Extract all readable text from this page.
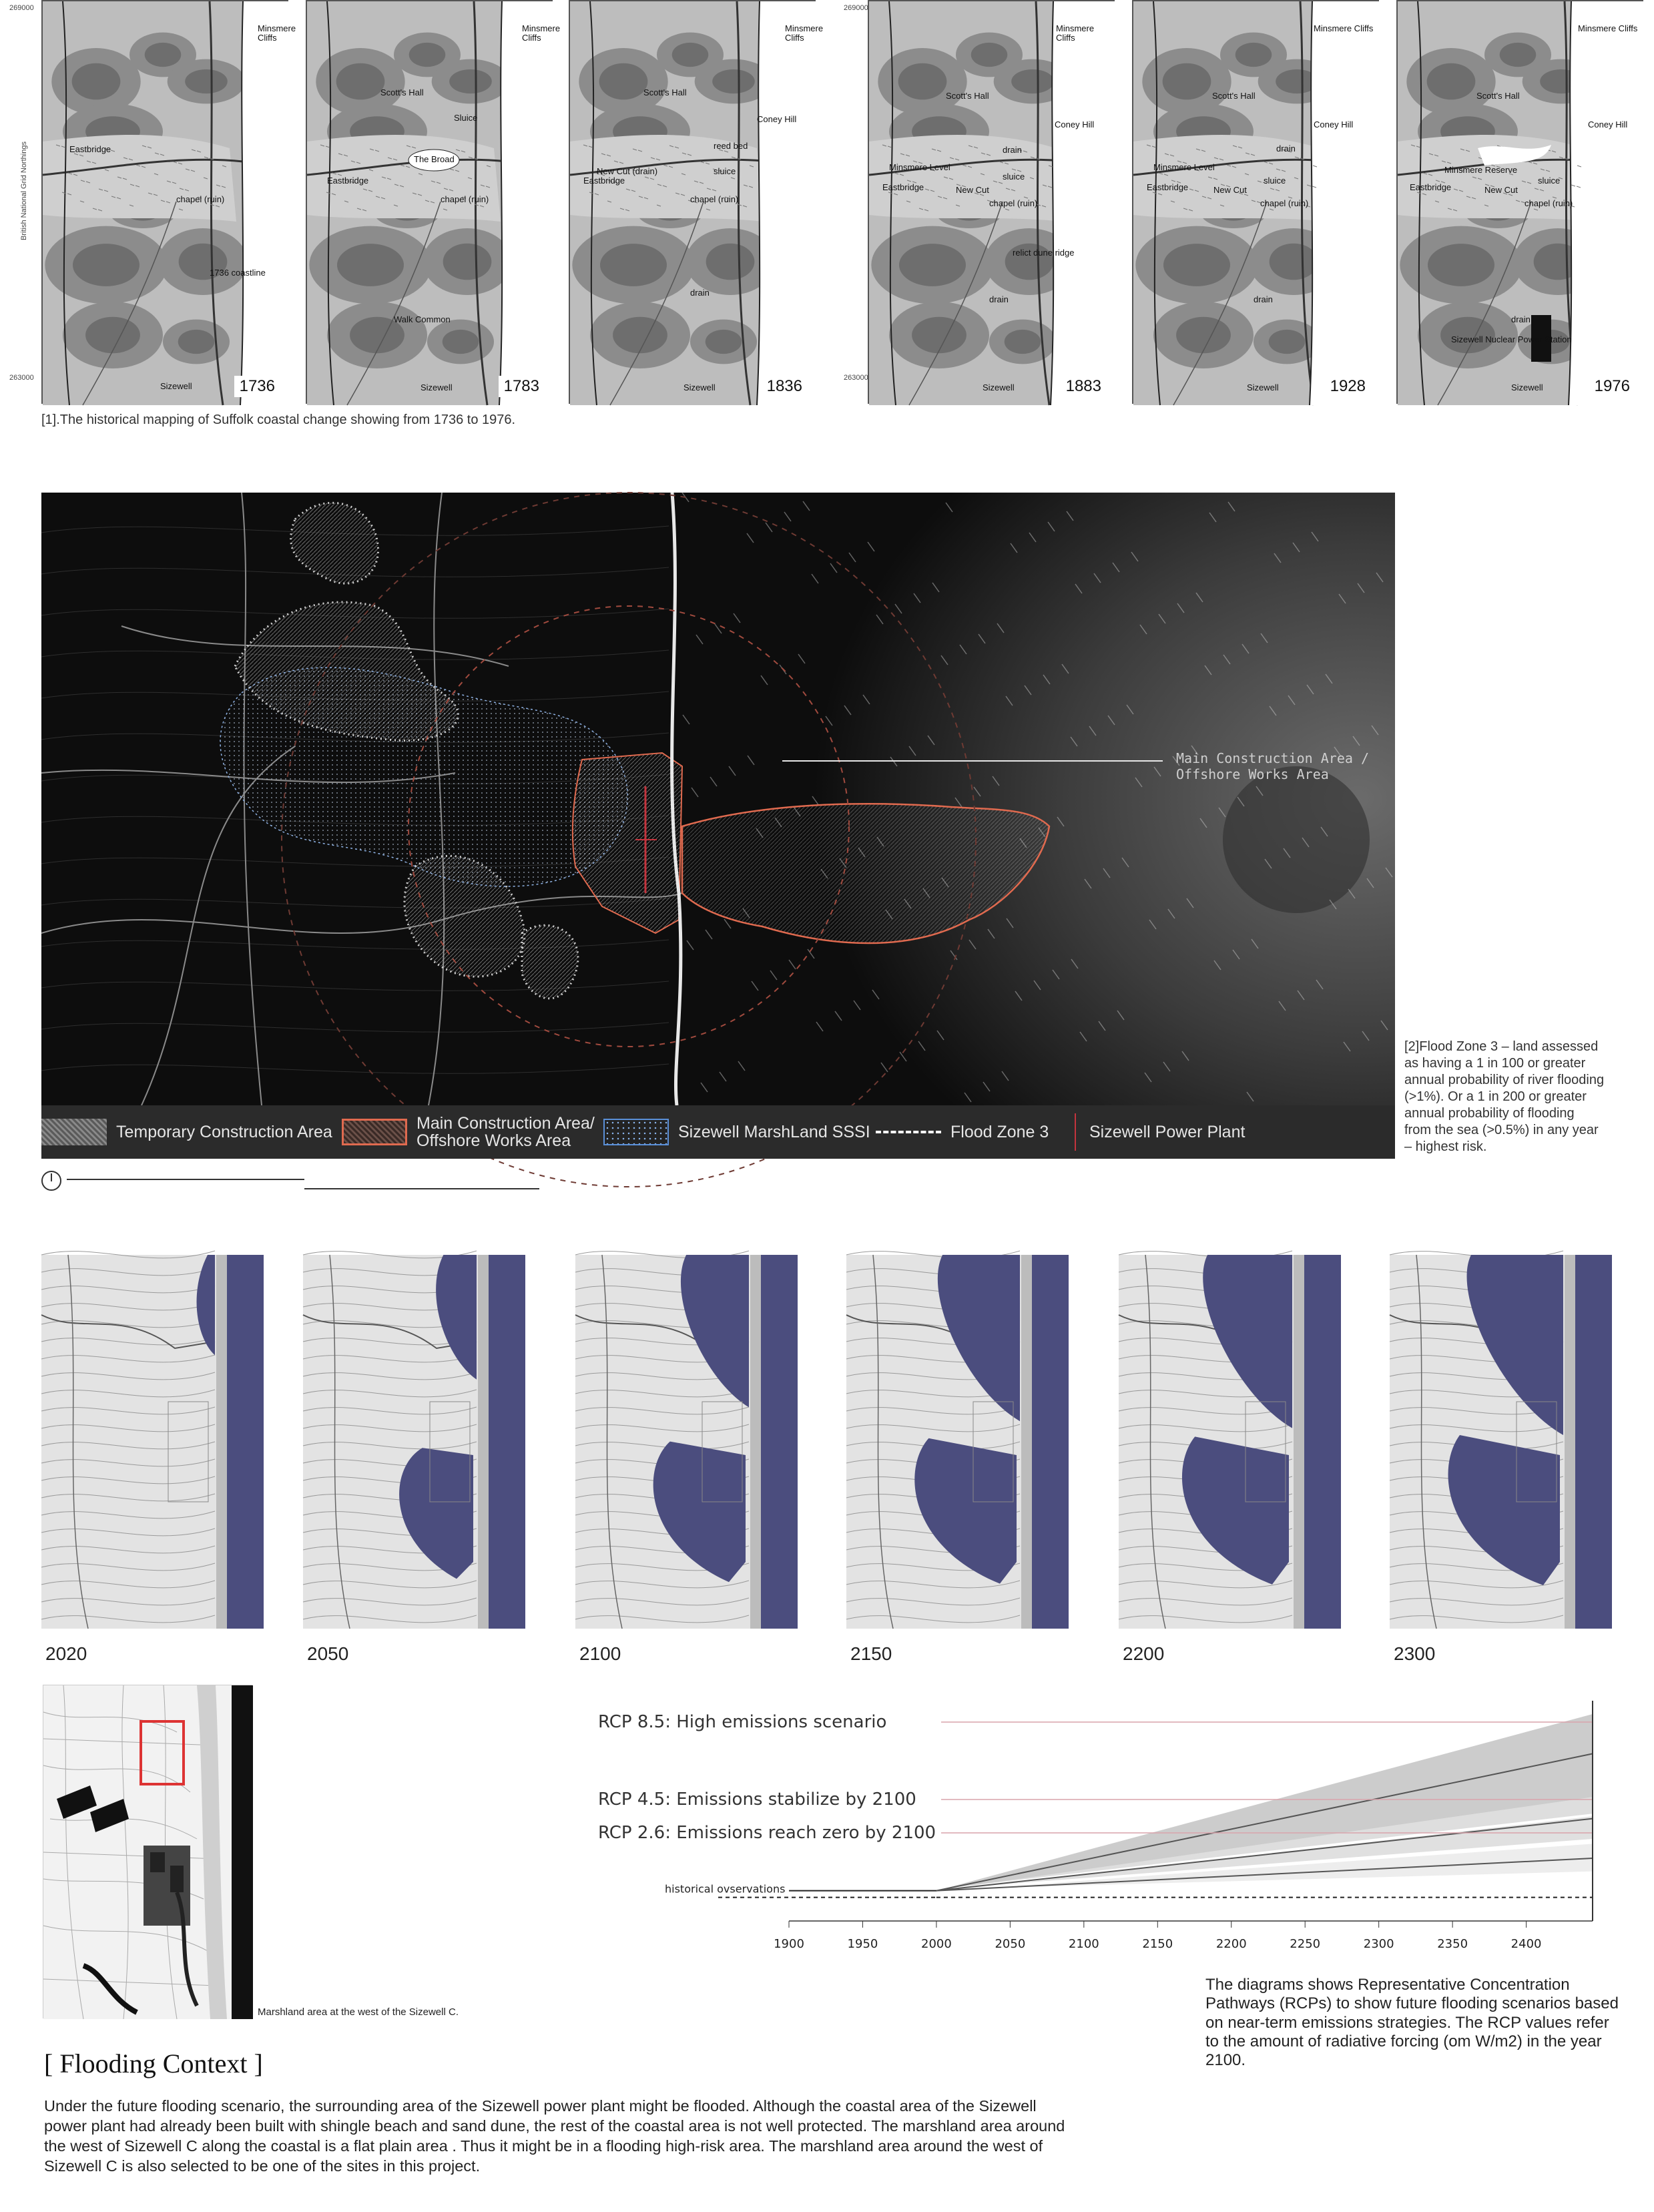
Minsmere Cliffs
Eastbridge
chapel (ruin)
1736 coastline
Sizewell	1736
Minsmere Cliffs
Scott's Hall
Sluice
The Broad
Eastbridge
chapel (ruin)
Walk Common
Sizewell	1783
Minsmere Cliffs
Scott's Hall
Coney Hill
reed bed
New Cut (drain)	sluice
Eastbridge
chapel (ruin)
drain
Sizewell	1836
Minsmere Cliffs
Scott's Hall
Coney Hill
drain
Minsmere Level
sluice
Eastbridge	New Cut
chapel (ruin)
relict dune ridge
drain
Sizewell	1883
Minsmere Cliffs
Scott's Hall
Coney Hill
drain
Minsmere Level
Eastbridge	New Cut
sluice
chapel (ruin)
drain
Sizewell	1928
Minsmere Cliffs
Scott's Hall
Coney Hill
Minsmere Reserve
Eastbridge	New Cut
sluice
chapel (ruin)
drain
Sizewell Nuclear Power Station
Sizewell	1976
British National Grid Northings
269000
263000
269000
263000
[1].The historical mapping of Suffolk coastal change showing from 1736 to 1976.
Main Construction Area / Offshore Works Area
Temporary Construction Area	Main Construction Area/ Offshore Works Area	Sizewell MarshLand SSSI	Flood Zone 3 Sizewell Power Plant
[2]Flood Zone 3 – land assessed as having a 1 in 100 or greater annual probability of river flooding (>1%). Or a 1 in 200 or greater annual probability of flooding from the sea (>0.5%) in any year – highest risk.
2020	2050	2100	2150	2200	2300
Marshland area at the west of the Sizewell C.
RCP 8.5: High emissions scenario
RCP 4.5: Emissions stabilize by 2100
RCP 2.6: Emissions reach zero by 2100
historical ovservations
1900	1950	2000	2050	2100	2150	2200	2250	2300	2350	2400
The diagrams shows Representative Concentration Pathways (RCPs) to show future flooding scenarios based on near-term emissions strategies. The RCP values refer to the amount of radiative forcing (om W/m2) in the year 2100.
[ Flooding Context ]
Under the future flooding scenario, the surrounding area of the Sizewell power plant might be flooded. Although the coastal area of the Sizewell power plant had already been built with shingle beach and sand dune, the rest of the coastal area is not well protected. The marshland area around the west of Sizewell C along the coastal is a flat plain area . Thus it might be in a flooding high-risk area. The marshland area around the west of Sizewell C is also selected to be one of the sites in this project.
